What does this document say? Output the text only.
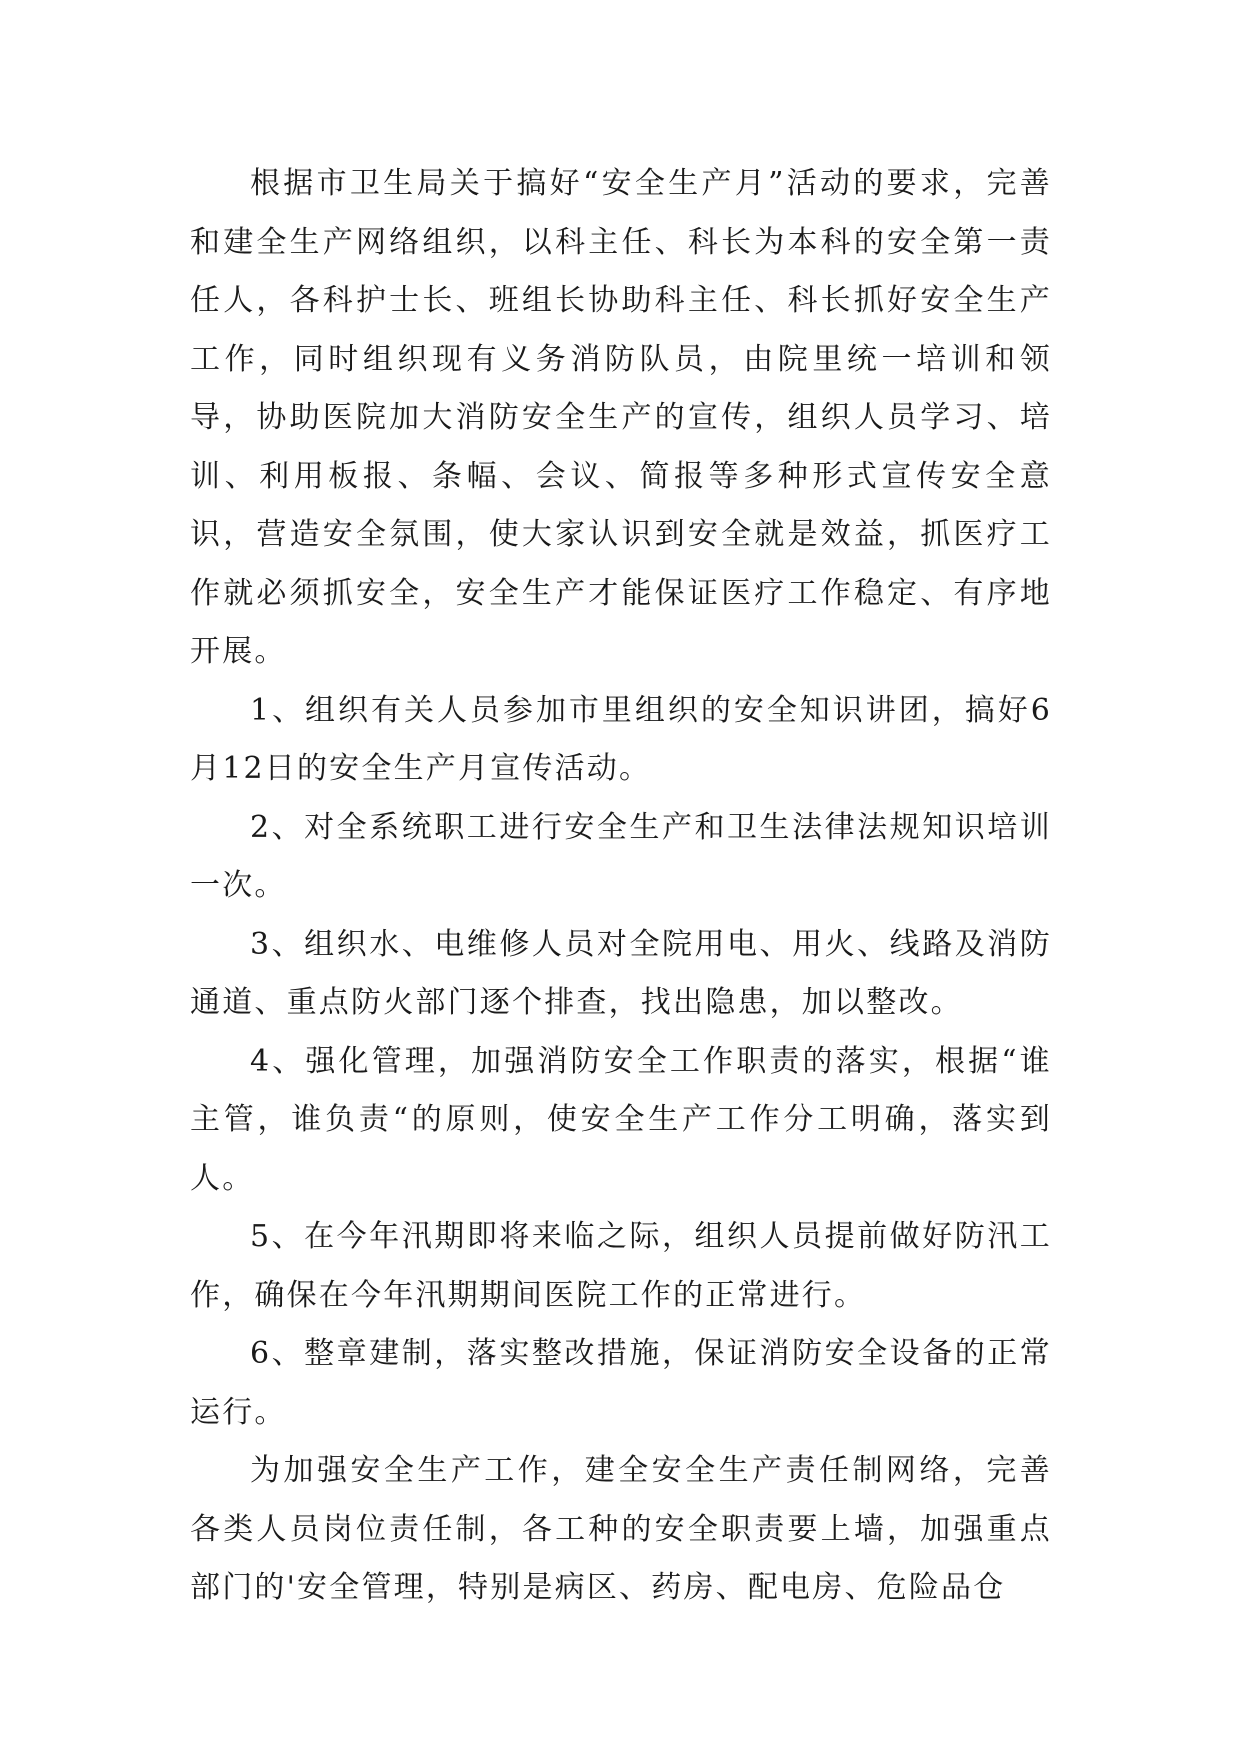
根据市卫生局关于搞好“安全生产月”活动的要求，完善和建全生产网络组织，以科主任、科长为本科的安全第一责任人，各科护士长、班组长协助科主任、科长抓好安全生产工作，同时组织现有义务消防队员，由院里统一培训和领导，协助医院加大消防安全生产的宣传，组织人员学习、培训、利用板报、条幅、会议、简报等多种形式宣传安全意识，营造安全氛围，使大家认识到安全就是效益，抓医疗工作就必须抓安全，安全生产才能保证医疗工作稳定、有序地开展。

1、组织有关人员参加市里组织的安全知识讲团，搞好6月12日的安全生产月宣传活动。

2、对全系统职工进行安全生产和卫生法律法规知识培训一次。

3、组织水、电维修人员对全院用电、用火、线路及消防通道、重点防火部门逐个排查，找出隐患，加以整改。

4、强化管理，加强消防安全工作职责的落实，根据“谁主管，谁负责“的原则，使安全生产工作分工明确，落实到人。

5、在今年汛期即将来临之际，组织人员提前做好防汛工作，确保在今年汛期期间医院工作的正常进行。

6、整章建制，落实整改措施，保证消防安全设备的正常运行。

为加强安全生产工作，建全安全生产责任制网络，完善各类人员岗位责任制，各工种的安全职责要上墙，加强重点部门的'安全管理，特别是病区、药房、配电房、危险品仓
